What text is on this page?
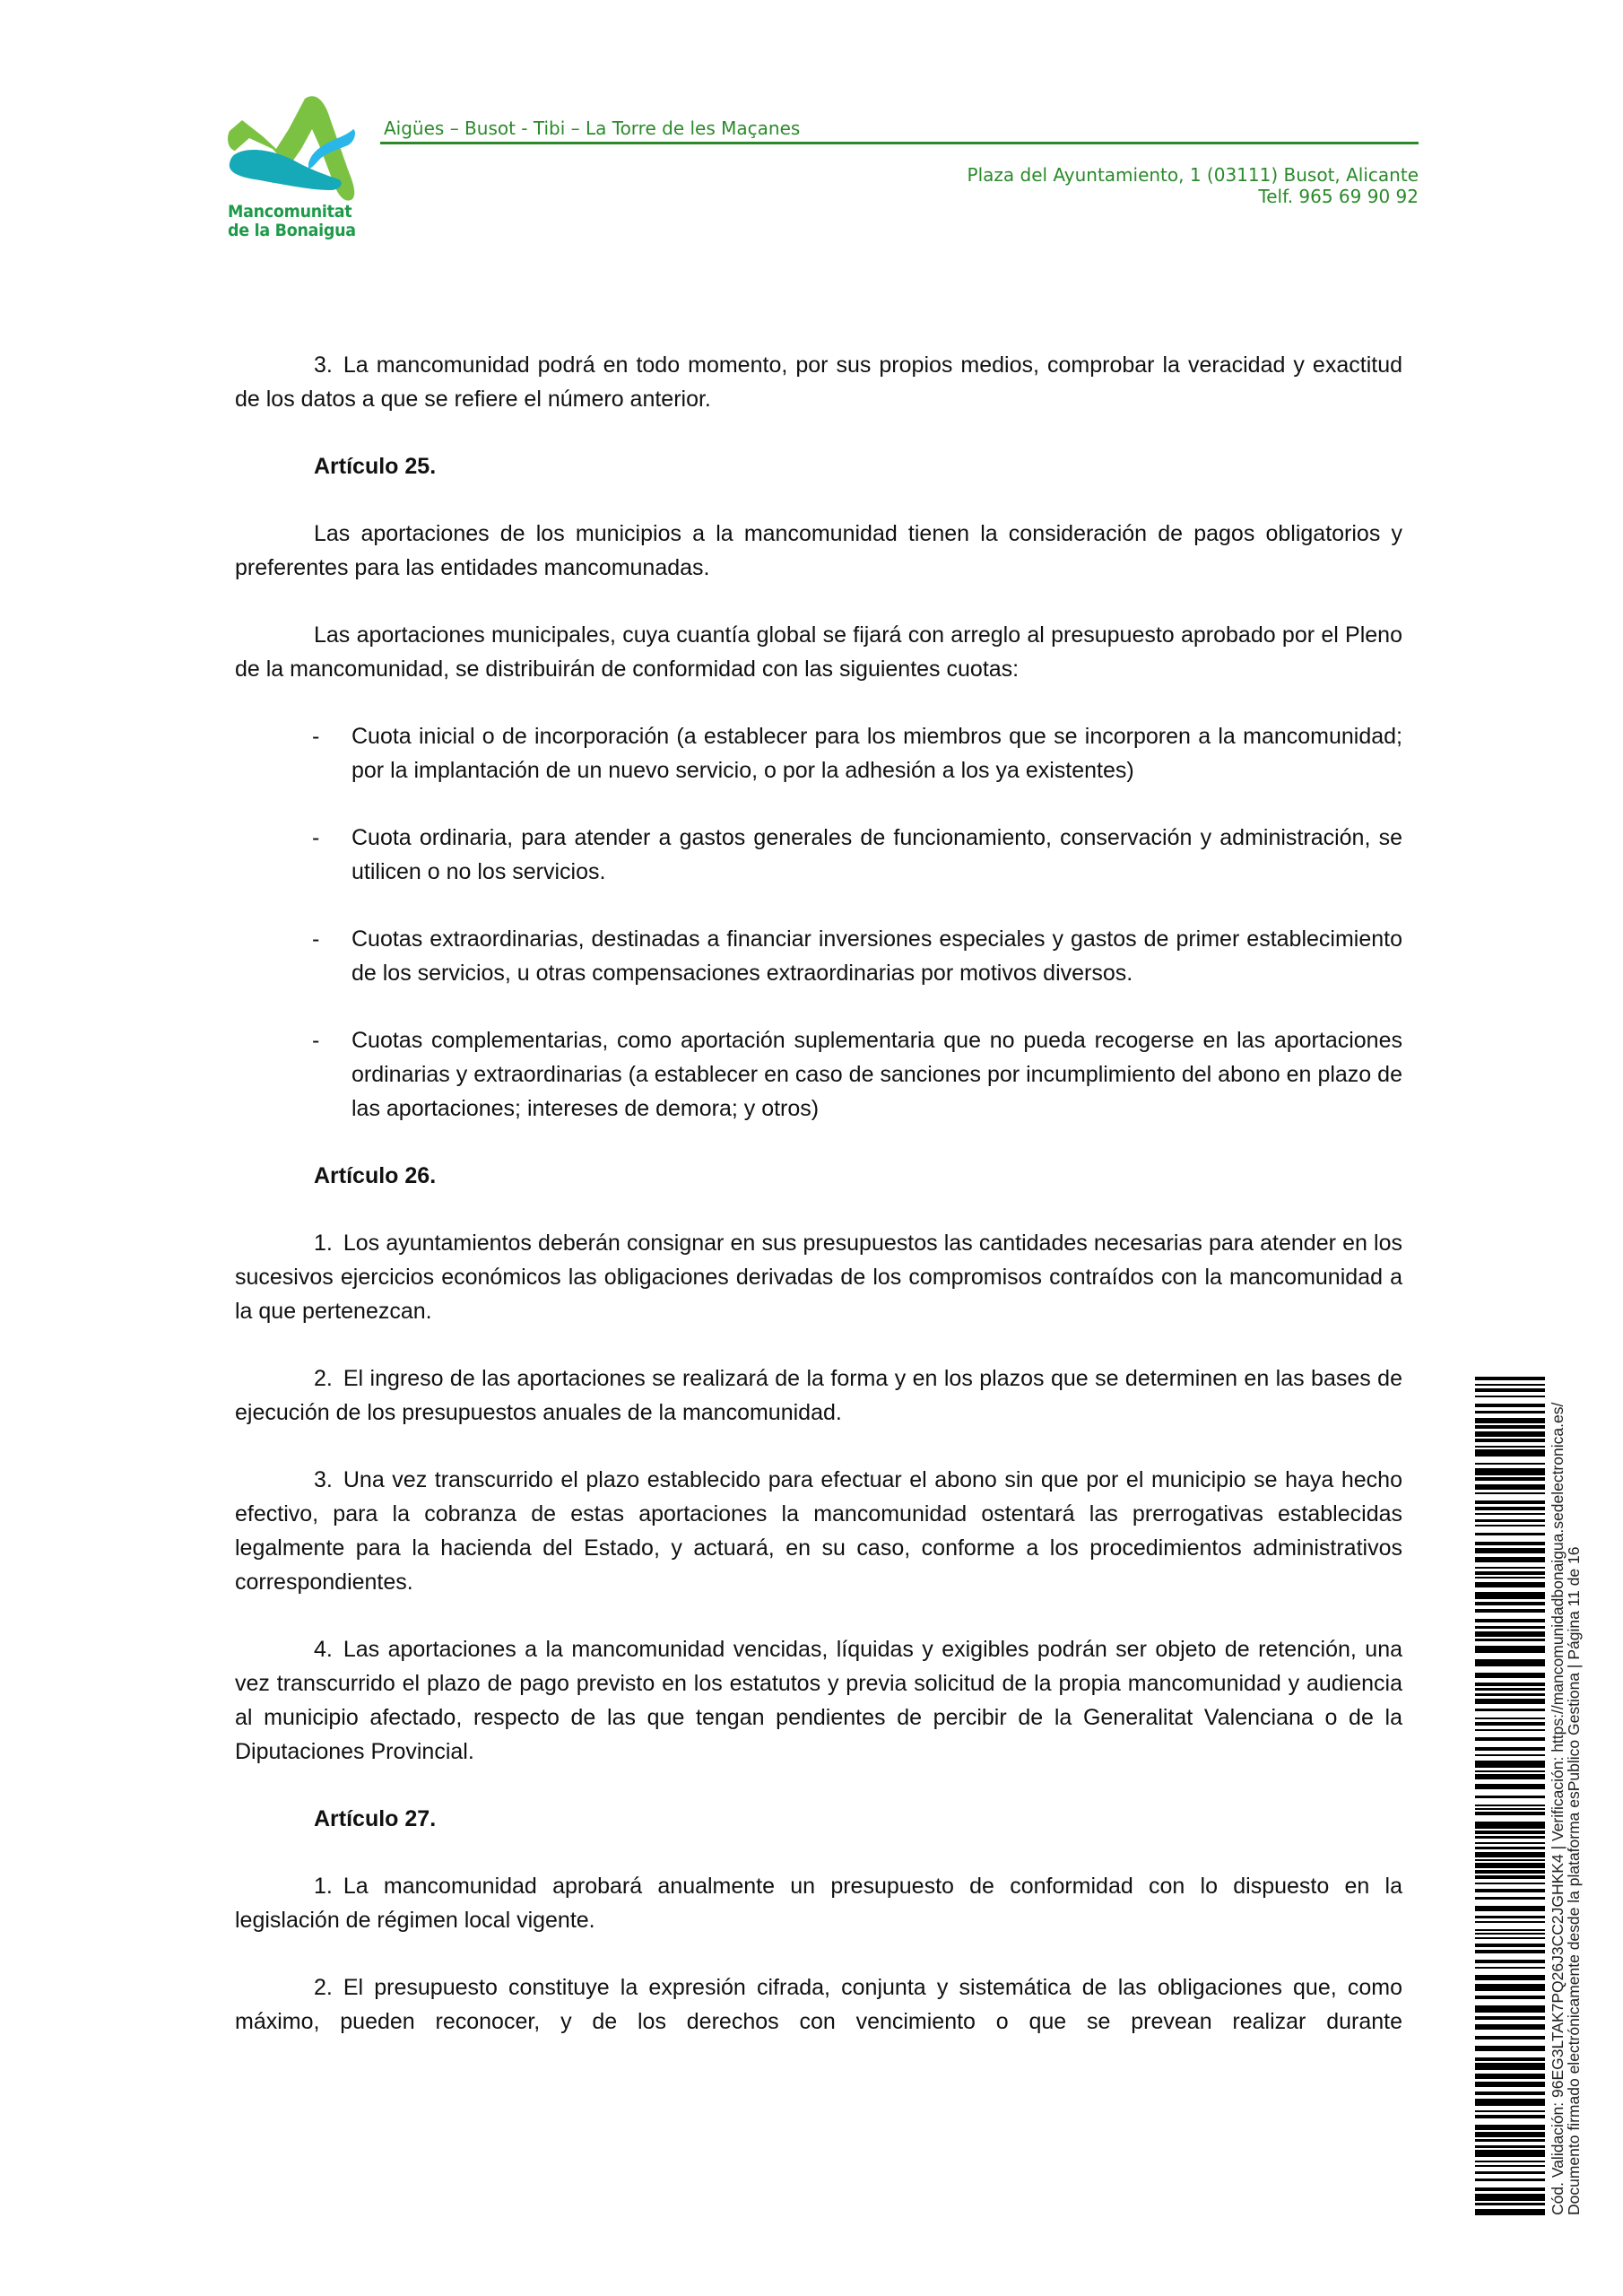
Mancomunitat
de la Bonaigua
Aigües – Busot - Tibi – La Torre de les Maçanes
Plaza del Ayuntamiento, 1 (03111) Busot, Alicante
Telf. 965 69 90 92

3. La mancomunidad podrá en todo momento, por sus propios medios, comprobar la veracidad y exactitud de los datos a que se refiere el número anterior.

Artículo 25.

Las aportaciones de los municipios a la mancomunidad tienen la consideración de pagos obligatorios y preferentes para las entidades mancomunadas.

Las aportaciones municipales, cuya cuantía global se fijará con arreglo al presupuesto aprobado por el Pleno de la mancomunidad, se distribuirán de conformidad con las siguientes cuotas:

- Cuota inicial o de incorporación (a establecer para los miembros que se incorporen a la mancomunidad; por la implantación de un nuevo servicio, o por la adhesión a los ya existentes)
- Cuota ordinaria, para atender a gastos generales de funcionamiento, conservación y administración, se utilicen o no los servicios.
- Cuotas extraordinarias, destinadas a financiar inversiones especiales y gastos de primer establecimiento de los servicios, u otras compensaciones extraordinarias por motivos diversos.
- Cuotas complementarias, como aportación suplementaria que no pueda recogerse en las aportaciones ordinarias y extraordinarias (a establecer en caso de sanciones por incumplimiento del abono en plazo de las aportaciones; intereses de demora; y otros)
Artículo 26.

1. Los ayuntamientos deberán consignar en sus presupuestos las cantidades necesarias para atender en los sucesivos ejercicios económicos las obligaciones derivadas de los compromisos contraídos con la mancomunidad a la que pertenezcan.

2. El ingreso de las aportaciones se realizará de la forma y en los plazos que se determinen en las bases de ejecución de los presupuestos anuales de la mancomunidad.

3. Una vez transcurrido el plazo establecido para efectuar el abono sin que por el municipio se haya hecho efectivo, para la cobranza de estas aportaciones la mancomunidad ostentará las prerrogativas establecidas legalmente para la hacienda del Estado, y actuará, en su caso, conforme a los procedimientos administrativos correspondientes.

4. Las aportaciones a la mancomunidad vencidas, líquidas y exigibles podrán ser objeto de retención, una vez transcurrido el plazo de pago previsto en los estatutos y previa solicitud de la propia mancomunidad y audiencia al municipio afectado, respecto de las que tengan pendientes de percibir de la Generalitat Valenciana o de la Diputaciones Provincial.

Artículo 27.

1. La mancomunidad aprobará anualmente un presupuesto de conformidad con lo dispuesto en la legislación de régimen local vigente.

2. El presupuesto constituye la expresión cifrada, conjunta y sistemática de las obligaciones que, como máximo, pueden reconocer, y de los derechos con vencimiento o que se prevean realizar durante	Cód. Validación: 96EG3LTAK7PQ26J3CC2JGHKK4 | Verificación: https://mancomunidadbonaigua.sedelectronica.es/
Documento firmado electrónicamente desde la plataforma esPublico Gestiona | Página 11 de 16
